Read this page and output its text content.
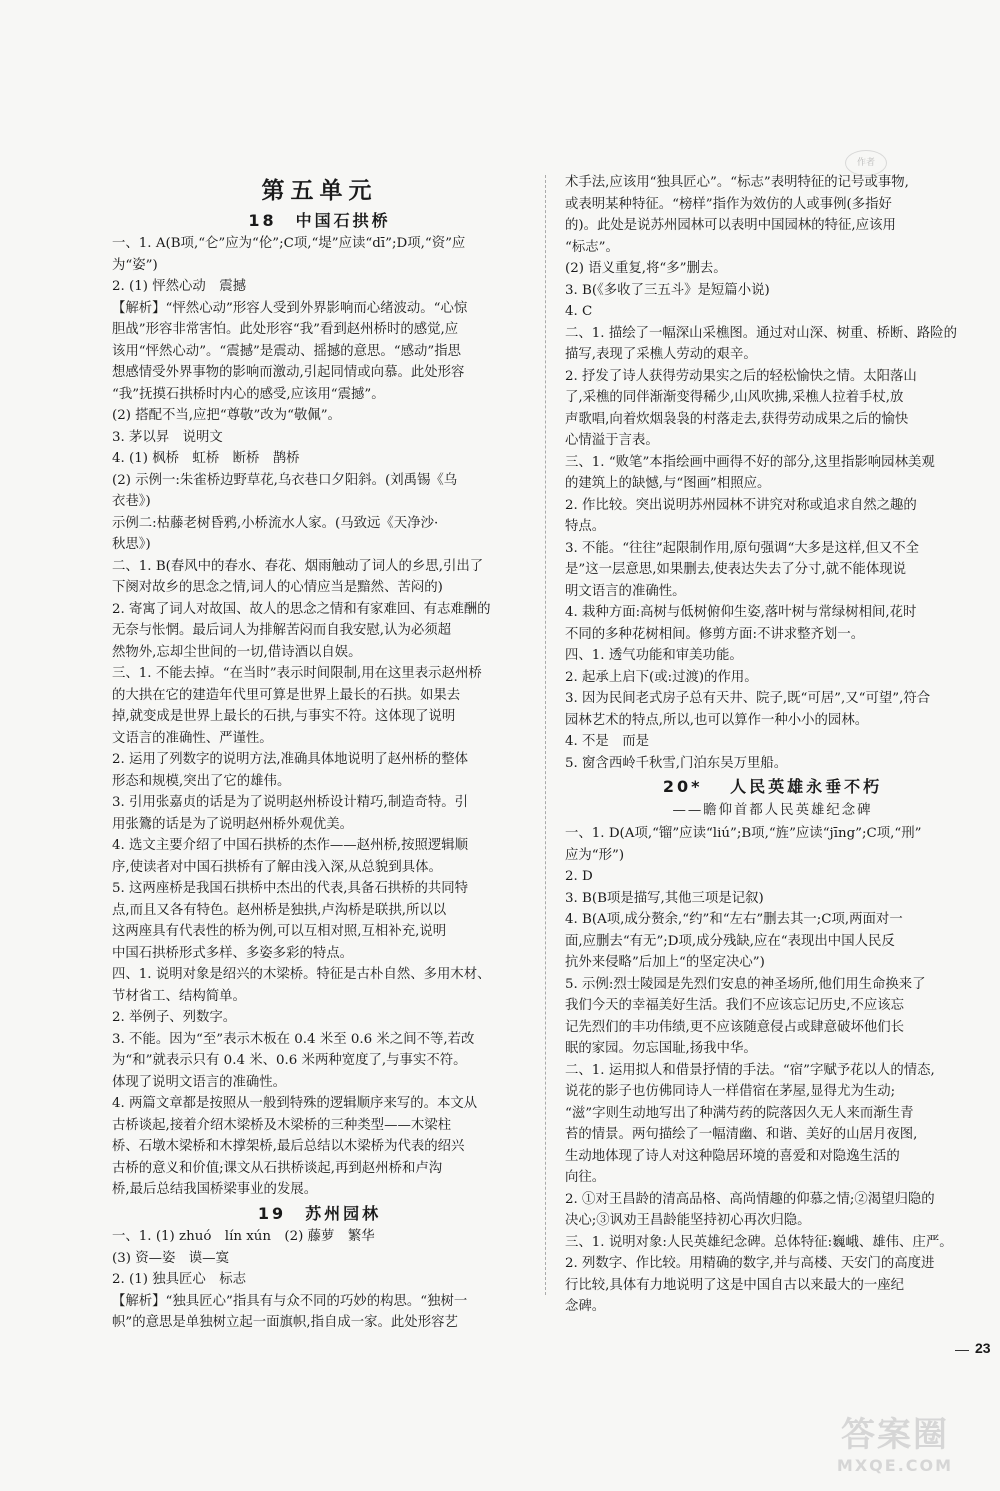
作者
第五单元
18　中国石拱桥
一、1. A(B项,“仑”应为“伦”;C项,“堤”应读“dī”;D项,“资”应
为“姿”)
2. (1) 怦然心动　震撼
【解析】“怦然心动”形容人受到外界影响而心绪波动。“心惊
胆战”形容非常害怕。此处形容“我”看到赵州桥时的感觉,应
该用“怦然心动”。“震撼”是震动、摇撼的意思。“感动”指思
想感情受外界事物的影响而激动,引起同情或向慕。此处形容
“我”抚摸石拱桥时内心的感受,应该用“震撼”。
(2) 搭配不当,应把“尊敬”改为“敬佩”。
3. 茅以昇　说明文
4. (1) 枫桥　虹桥　断桥　鹊桥
(2) 示例一:朱雀桥边野草花,乌衣巷口夕阳斜。(刘禹锡《乌
衣巷》)
示例二:枯藤老树昏鸦,小桥流水人家。(马致远《天净沙·
秋思》)
二、1. B(春风中的春水、春花、烟雨触动了词人的乡思,引出了
下阕对故乡的思念之情,词人的心情应当是黯然、苦闷的)
2. 寄寓了词人对故国、故人的思念之情和有家难回、有志难酬的
无奈与怅惘。最后词人为排解苦闷而自我安慰,认为必须超
然物外,忘却尘世间的一切,借诗酒以自娱。
三、1. 不能去掉。“在当时”表示时间限制,用在这里表示赵州桥
的大拱在它的建造年代里可算是世界上最长的石拱。如果去
掉,就变成是世界上最长的石拱,与事实不符。这体现了说明
文语言的准确性、严谨性。
2. 运用了列数字的说明方法,准确具体地说明了赵州桥的整体
形态和规模,突出了它的雄伟。
3. 引用张嘉贞的话是为了说明赵州桥设计精巧,制造奇特。引
用张鷟的话是为了说明赵州桥外观优美。
4. 选文主要介绍了中国石拱桥的杰作——赵州桥,按照逻辑顺
序,使读者对中国石拱桥有了解由浅入深,从总貌到具体。
5. 这两座桥是我国石拱桥中杰出的代表,具备石拱桥的共同特
点,而且又各有特色。赵州桥是独拱,卢沟桥是联拱,所以以
这两座具有代表性的桥为例,可以互相对照,互相补充,说明
中国石拱桥形式多样、多姿多彩的特点。
四、1. 说明对象是绍兴的木梁桥。特征是古朴自然、多用木材、
节材省工、结构简单。
2. 举例子、列数字。
3. 不能。因为“至”表示木板在 0.4 米至 0.6 米之间不等,若改
为“和”就表示只有 0.4 米、0.6 米两种宽度了,与事实不符。
体现了说明文语言的准确性。
4. 两篇文章都是按照从一般到特殊的逻辑顺序来写的。本文从
古桥谈起,接着介绍木梁桥及木梁桥的三种类型——木梁柱
桥、石墩木梁桥和木撑架桥,最后总结以木梁桥为代表的绍兴
古桥的意义和价值;课文从石拱桥谈起,再到赵州桥和卢沟
桥,最后总结我国桥梁事业的发展。
19　苏州园林
一、1. (1) zhuó　lín xún　(2) 藤萝　繁华
(3) 资—姿　谟—寞
2. (1) 独具匠心　标志
【解析】“独具匠心”指具有与众不同的巧妙的构思。“独树一
帜”的意思是单独树立起一面旗帜,指自成一家。此处形容艺
术手法,应该用“独具匠心”。“标志”表明特征的记号或事物,
或表明某种特征。“榜样”指作为效仿的人或事例(多指好
的)。此处是说苏州园林可以表明中国园林的特征,应该用
“标志”。
(2) 语义重复,将“多”删去。
3. B(《多收了三五斗》是短篇小说)
4. C
二、1. 描绘了一幅深山采樵图。通过对山深、树重、桥断、路险的
描写,表现了采樵人劳动的艰辛。
2. 抒发了诗人获得劳动果实之后的轻松愉快之情。太阳落山
了,采樵的同伴渐渐变得稀少,山风吹拂,采樵人拉着手杖,放
声歌唱,向着炊烟袅袅的村落走去,获得劳动成果之后的愉快
心情溢于言表。
三、1. “败笔”本指绘画中画得不好的部分,这里指影响园林美观
的建筑上的缺憾,与“图画”相照应。
2. 作比较。突出说明苏州园林不讲究对称或追求自然之趣的
特点。
3. 不能。“往往”起限制作用,原句强调“大多是这样,但又不全
是”这一层意思,如果删去,使表达失去了分寸,就不能体现说
明文语言的准确性。
4. 栽种方面:高树与低树俯仰生姿,落叶树与常绿树相间,花时
不同的多种花树相间。修剪方面:不讲求整齐划一。
四、1. 透气功能和审美功能。
2. 起承上启下(或:过渡)的作用。
3. 因为民间老式房子总有天井、院子,既“可居”,又“可望”,符合
园林艺术的特点,所以,也可以算作一种小小的园林。
4. 不是　而是
5. 窗含西岭千秋雪,门泊东吴万里船。
20* 　人民英雄永垂不朽
——瞻仰首都人民英雄纪念碑
一、1. D(A项,“镏”应读“liú”;B项,“旌”应读“jīng”;C项,“刑”
应为“形”)
2. D
3. B(B项是描写,其他三项是记叙)
4. B(A项,成分赘余,“约”和“左右”删去其一;C项,两面对一
面,应删去“有无”;D项,成分残缺,应在“表现出中国人民反
抗外来侵略”后加上“的坚定决心”)
5. 示例:烈士陵园是先烈们安息的神圣场所,他们用生命换来了
我们今天的幸福美好生活。我们不应该忘记历史,不应该忘
记先烈们的丰功伟绩,更不应该随意侵占或肆意破坏他们长
眠的家园。勿忘国耻,扬我中华。
二、1. 运用拟人和借景抒情的手法。“宿”字赋予花以人的情态,
说花的影子也仿佛同诗人一样借宿在茅屋,显得尤为生动;
“滋”字则生动地写出了种满芍药的院落因久无人来而渐生青
苔的情景。两句描绘了一幅清幽、和谐、美好的山居月夜图,
生动地体现了诗人对这种隐居环境的喜爱和对隐逸生活的
向往。
2. ①对王昌龄的清高品格、高尚情趣的仰慕之情;②渴望归隐的
决心;③讽劝王昌龄能坚持初心再次归隐。
三、1. 说明对象:人民英雄纪念碑。总体特征:巍峨、雄伟、庄严。
2. 列数字、作比较。用精确的数字,并与高楼、天安门的高度进
行比较,具体有力地说明了这是中国自古以来最大的一座纪
念碑。
23
答案圈
MXQE.COM
